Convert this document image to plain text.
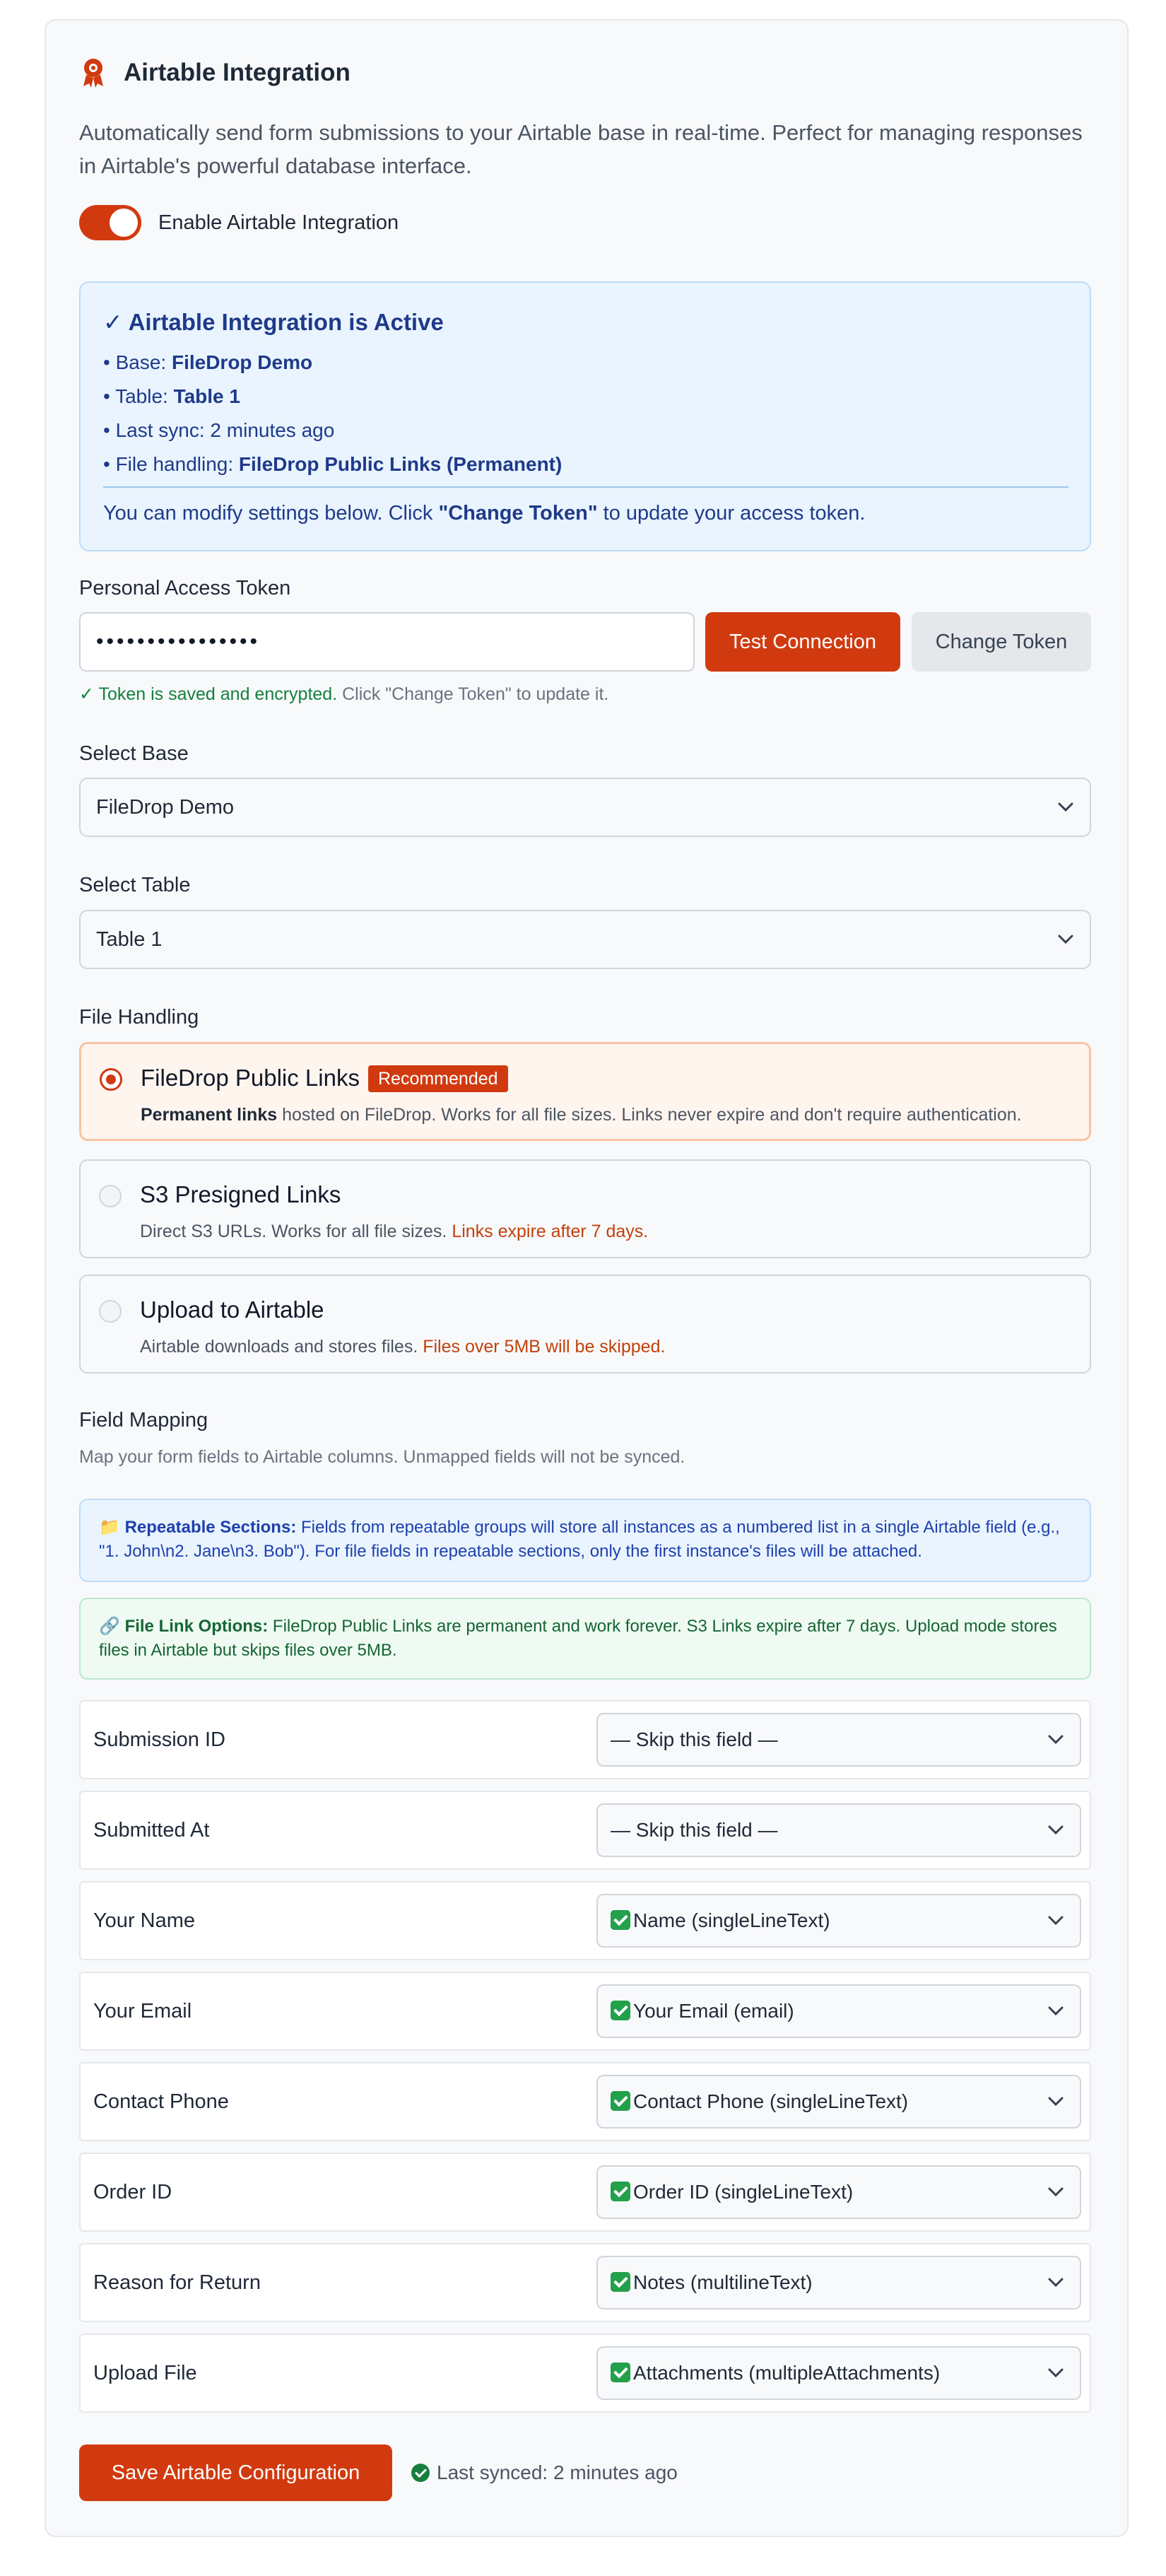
Airtable Integration
Automatically send form submissions to your Airtable base in real-time. Perfect for managing responses in Airtable's powerful database interface.
Enable Airtable Integration
✓ Airtable Integration is Active
• Base: FileDrop Demo
• Table: Table 1
• Last sync: 2 minutes ago
• File handling: FileDrop Public Links (Permanent)
You can modify settings below. Click "Change Token" to update your access token.
Personal Access Token
••••••••••••••••	Test Connection	Change Token
✓ Token is saved and encrypted. Click "Change Token" to update it.
Select Base
FileDrop Demo
Select Table
Table 1
File Handling
FileDrop Public Links	Recommended
Permanent links hosted on FileDrop. Works for all file sizes. Links never expire and don't require authentication.
S3 Presigned Links
Direct S3 URLs. Works for all file sizes. Links expire after 7 days.
Upload to Airtable
Airtable downloads and stores files. Files over 5MB will be skipped.
Field Mapping
Map your form fields to Airtable columns. Unmapped fields will not be synced.
📁 Repeatable Sections: Fields from repeatable groups will store all instances as a numbered list in a single Airtable field (e.g., "1. John\n2. Jane\n3. Bob"). For file fields in repeatable sections, only the first instance's files will be attached.
🔗 File Link Options: FileDrop Public Links are permanent and work forever. S3 Links expire after 7 days. Upload mode stores files in Airtable but skips files over 5MB.
Submission ID	— Skip this field —
Submitted At	— Skip this field —
Your Name	Name (singleLineText)
Your Email	Your Email (email)
Contact Phone	Contact Phone (singleLineText)
Order ID	Order ID (singleLineText)
Reason for Return	Notes (multilineText)
Upload File	Attachments (multipleAttachments)
Save Airtable Configuration	Last synced: 2 minutes ago
